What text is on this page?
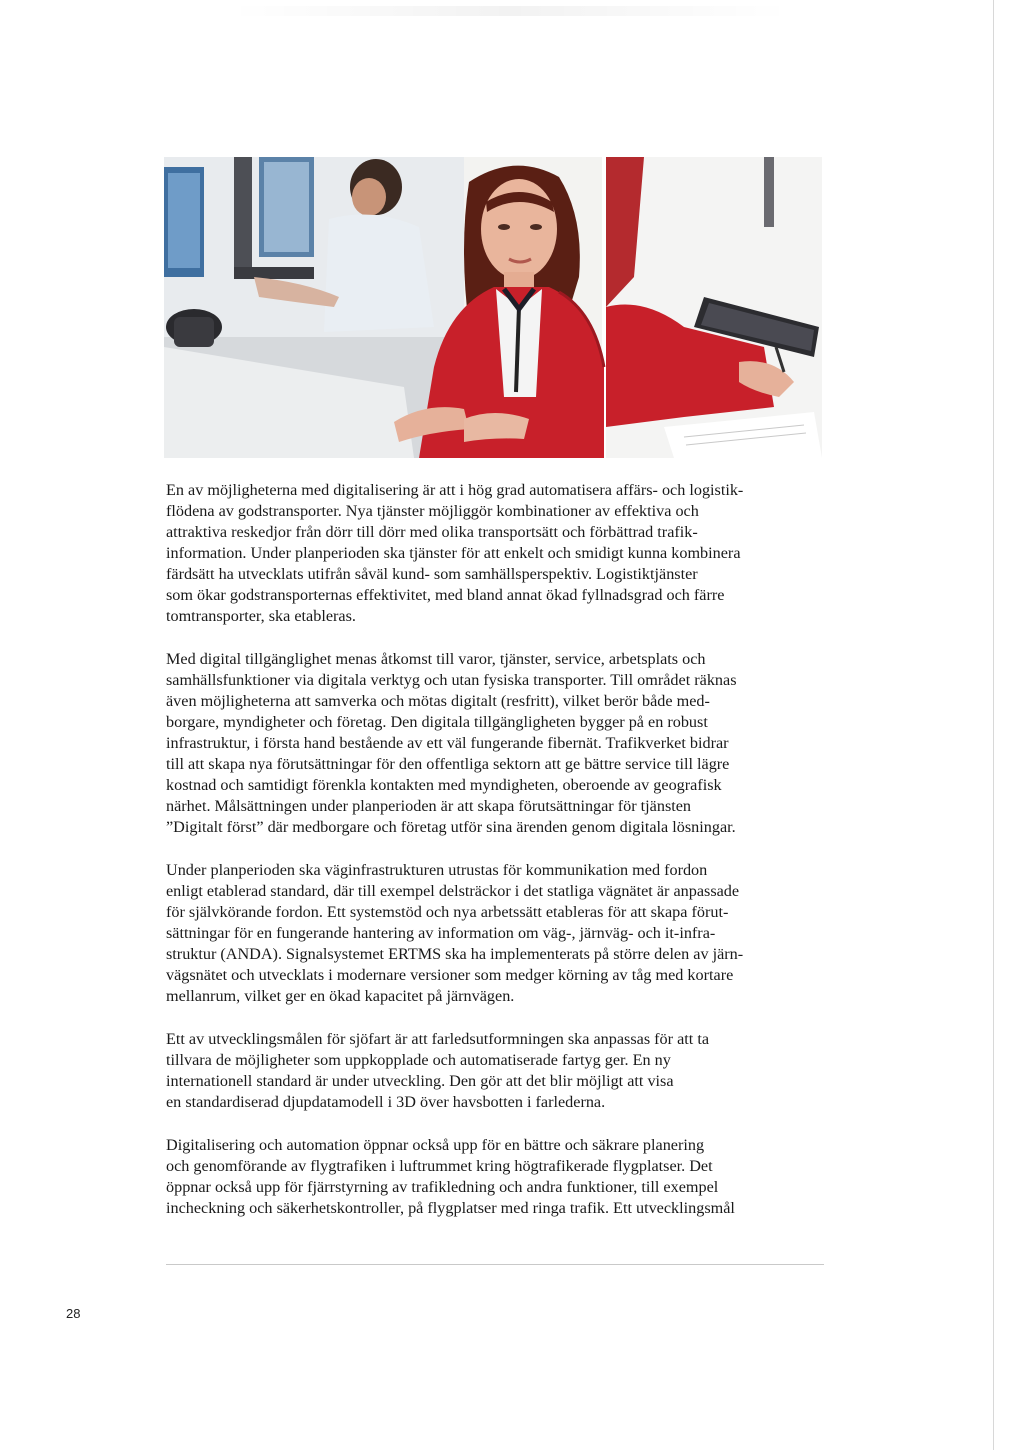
En av möjligheterna med digitalisering är att i hög grad automatisera affärs- och logistik-
flödena av godstransporter. Nya tjänster möjliggör kombinationer av effektiva och
attraktiva reskedjor från dörr till dörr med olika transportsätt och förbättrad trafik-
information. Under planperioden ska tjänster för att enkelt och smidigt kunna kombinera
färdsätt ha utvecklats utifrån såväl kund- som samhällsperspektiv. Logistiktjänster
som ökar godstransporternas effektivitet, med bland annat ökad fyllnadsgrad och färre
tomtransporter, ska etableras.

Med digital tillgänglighet menas åtkomst till varor, tjänster, service, arbetsplats och
samhällsfunktioner via digitala verktyg och utan fysiska transporter. Till området räknas
även möjligheterna att samverka och mötas digitalt (resfritt), vilket berör både med-
borgare, myndigheter och företag. Den digitala tillgängligheten bygger på en robust
infrastruktur, i första hand bestående av ett väl fungerande fibernät. Trafikverket bidrar
till att skapa nya förutsättningar för den offentliga sektorn att ge bättre service till lägre
kostnad och samtidigt förenkla kontakten med myndigheten, oberoende av geografisk
närhet. Målsättningen under planperioden är att skapa förutsättningar för tjänsten
”Digitalt först” där medborgare och företag utför sina ärenden genom digitala lösningar.

Under planperioden ska väginfrastrukturen utrustas för kommunikation med fordon
enligt etablerad standard, där till exempel delsträckor i det statliga vägnätet är anpassade
för självkörande fordon. Ett systemstöd och nya arbetssätt etableras för att skapa förut-
sättningar för en fungerande hantering av information om väg-, järnväg- och it-infra-
struktur (ANDA). Signalsystemet ERTMS ska ha implementerats på större delen av järn-
vägsnätet och utvecklats i modernare versioner som medger körning av tåg med kortare
mellanrum, vilket ger en ökad kapacitet på järnvägen.

Ett av utvecklingsmålen för sjöfart är att farledsutformningen ska anpassas för att ta
tillvara de möjligheter som uppkopplade och automatiserade fartyg ger. En ny
internationell standard är under utveckling. Den gör att det blir möjligt att visa
en standardiserad djupdatamodell i 3D över havsbotten i farlederna.

Digitalisering och automation öppnar också upp för en bättre och säkrare planering
och genomförande av flygtrafiken i luftrummet kring högtrafikerade flygplatser. Det
öppnar också upp för fjärrstyrning av trafikledning och andra funktioner, till exempel
incheckning och säkerhetskontroller, på flygplatser med ringa trafik. Ett utvecklingsmål

28
